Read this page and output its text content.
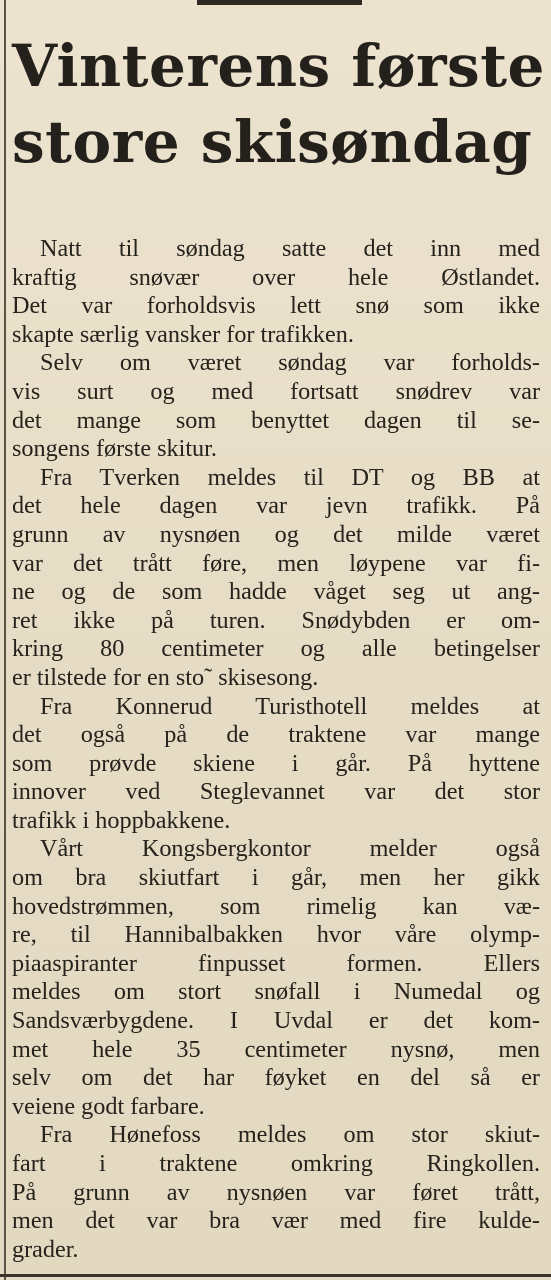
Vinterens første
store skisøndag
Natt til søndag satte det inn med
kraftig snøvær over hele Østlandet.
Det var forholdsvis lett snø som ikke
skapte særlig vansker for trafikken.
Selv om været søndag var forholds-
vis surt og med fortsatt snødrev var
det mange som benyttet dagen til se-
songens første skitur.
Fra Tverken meldes til DT og BB at
det hele dagen var jevn trafikk. På
grunn av nysnøen og det milde været
var det trått føre, men løypene var fi-
ne og de som hadde våget seg ut ang-
ret ikke på turen. Snødybden er om-
kring 80 centimeter og alle betingelser
er tilstede for en sto˜ skisesong.
Fra Konnerud Turisthotell meldes at
det også på de traktene var mange
som prøvde skiene i går. På hyttene
innover ved Steglevannet var det stor
trafikk i hoppbakkene.
Vårt Kongsbergkontor melder også
om bra skiutfart i går, men her gikk
hovedstrømmen, som rimelig kan væ-
re, til Hannibalbakken hvor våre olymp-
piaaspiranter finpusset formen. Ellers
meldes om stort snøfall i Numedal og
Sandsværbygdene. I Uvdal er det kom-
met hele 35 centimeter nysnø, men
selv om det har føyket en del så er
veiene godt farbare.
Fra Hønefoss meldes om stor skiut-
fart i traktene omkring Ringkollen.
På grunn av nysnøen var føret trått,
men det var bra vær med fire kulde-
grader.
